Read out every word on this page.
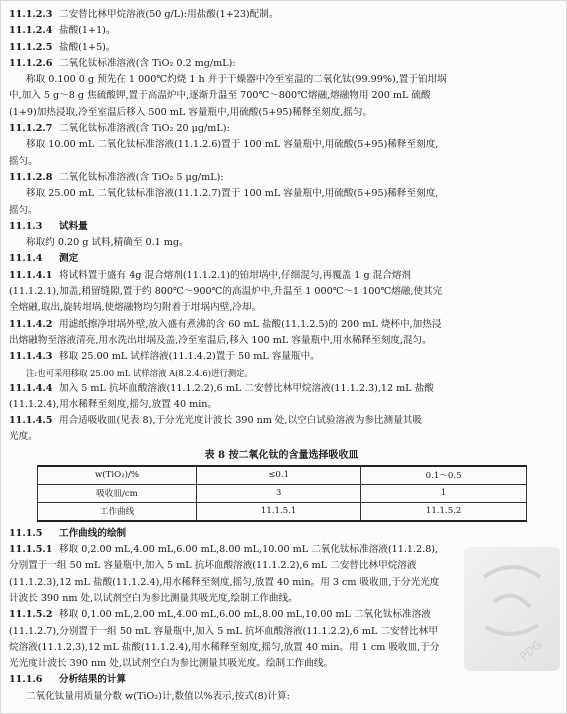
11.1.2.3 二安替比林甲烷溶液(50 g/L):用盐酸(1+23)配制。
11.1.2.4 盐酸(1+1)。
11.1.2.5 盐酸(1+5)。
11.1.2.6 二氧化钛标准溶液(含 TiO₂ 0.2 mg/mL):
称取 0.100 0 g 预先在 1 000℃灼烧 1 h 并于干燥器中冷至室温的二氧化钛(99.99%),置于铂坩埚
中,加入 5 g～8 g 焦硫酸钾,置于高温炉中,逐渐升温至 700℃～800℃熔融,熔融物用 200 mL 硫酸
(1+9)加热浸取,冷至室温后移入 500 mL 容量瓶中,用硫酸(5+95)稀释至刻度,摇匀。
11.1.2.7 二氧化钛标准溶液(含 TiO₂ 20 μg/mL):
移取 10.00 mL 二氧化钛标准溶液(11.1.2.6)置于 100 mL 容量瓶中,用硫酸(5+95)稀释至刻度,
摇匀。
11.1.2.8 二氧化钛标准溶液(含 TiO₂ 5 μg/mL):
移取 25.00 mL 二氧化钛标准溶液(11.1.2.7)置于 100 mL 容量瓶中,用硫酸(5+95)稀释至刻度,
摇匀。
11.1.3 试料量
称取约 0.20 g 试料,精确至 0.1 mg。
11.1.4 测定
11.1.4.1 将试料置于盛有 4g 混合熔剂(11.1.2.1)的铂坩埚中,仔细混匀,再覆盖 1 g 混合熔剂
(11.1.2.1),加盖,稍留缝隙,置于约 800℃～900℃的高温炉中,升温至 1 000℃～1 100℃熔融,使其完
全熔融,取出,旋转坩埚,使熔融物均匀附着于坩埚内壁,冷却。
11.1.4.2 用滤纸擦净坩埚外壁,放入盛有煮沸的含 60 mL 盐酸(11.1.2.5)的 200 mL 烧杯中,加热浸
出熔融物至溶液清亮,用水洗出坩埚及盖,冷至室温后,移入 100 mL 容量瓶中,用水稀释至刻度,混匀。
11.1.4.3 移取 25.00 mL 试样溶液(11.1.4.2)置于 50 mL 容量瓶中。
注:也可采用移取 25.00 mL 试样溶液 A(8.2.4.6)进行测定。
11.1.4.4 加入 5 mL 抗坏血酸溶液(11.1.2.2),6 mL 二安替比林甲烷溶液(11.1.2.3),12 mL 盐酸
(11.1.2.4),用水稀释至刻度,摇匀,放置 40 min。
11.1.4.5 用合适吸收皿(见表 8),于分光光度计波长 390 nm 处,以空白试验溶液为参比测量其吸
光度。
表 8 按二氧化钛的含量选择吸收皿
w(TiO₂)/%	≤0.1	0.1～0.5
吸收皿/cm	3	1
工作曲线	11.1.5.1	11.1.5.2
11.1.5 工作曲线的绘制
11.1.5.1 移取 0,2.00 mL,4.00 mL,6.00 mL,8.00 mL,10.00 mL 二氧化钛标准溶液(11.1.2.8),
分别置于一组 50 mL 容量瓶中,加入 5 mL 抗坏血酸溶液(11.1.2.2),6 mL 二安替比林甲烷溶液
(11.1.2.3),12 mL 盐酸(11.1.2.4),用水稀释至刻度,摇匀,放置 40 min。用 3 cm 吸收皿,于分光光度
计波长 390 nm 处,以试剂空白为参比测量其吸光度,绘制工作曲线。
11.1.5.2 移取 0,1.00 mL,2.00 mL,4.00 mL,6.00 mL,8.00 mL,10.00 mL 二氧化钛标准溶液
(11.1.2.7),分别置于一组 50 mL 容量瓶中,加入 5 mL 抗坏血酸溶液(11.1.2.2),6 mL 二安替比林甲
烷溶液(11.1.2.3),12 mL 盐酸(11.1.2.4),用水稀释至刻度,摇匀,放置 40 min。用 1 cm 吸收皿,于分
光光度计波长 390 nm 处,以试剂空白为参比测量其吸光度。绘制工作曲线。
11.1.6 分析结果的计算
二氧化钛量用质量分数 w(TiO₂)计,数值以%表示,按式(8)计算:
PDG
